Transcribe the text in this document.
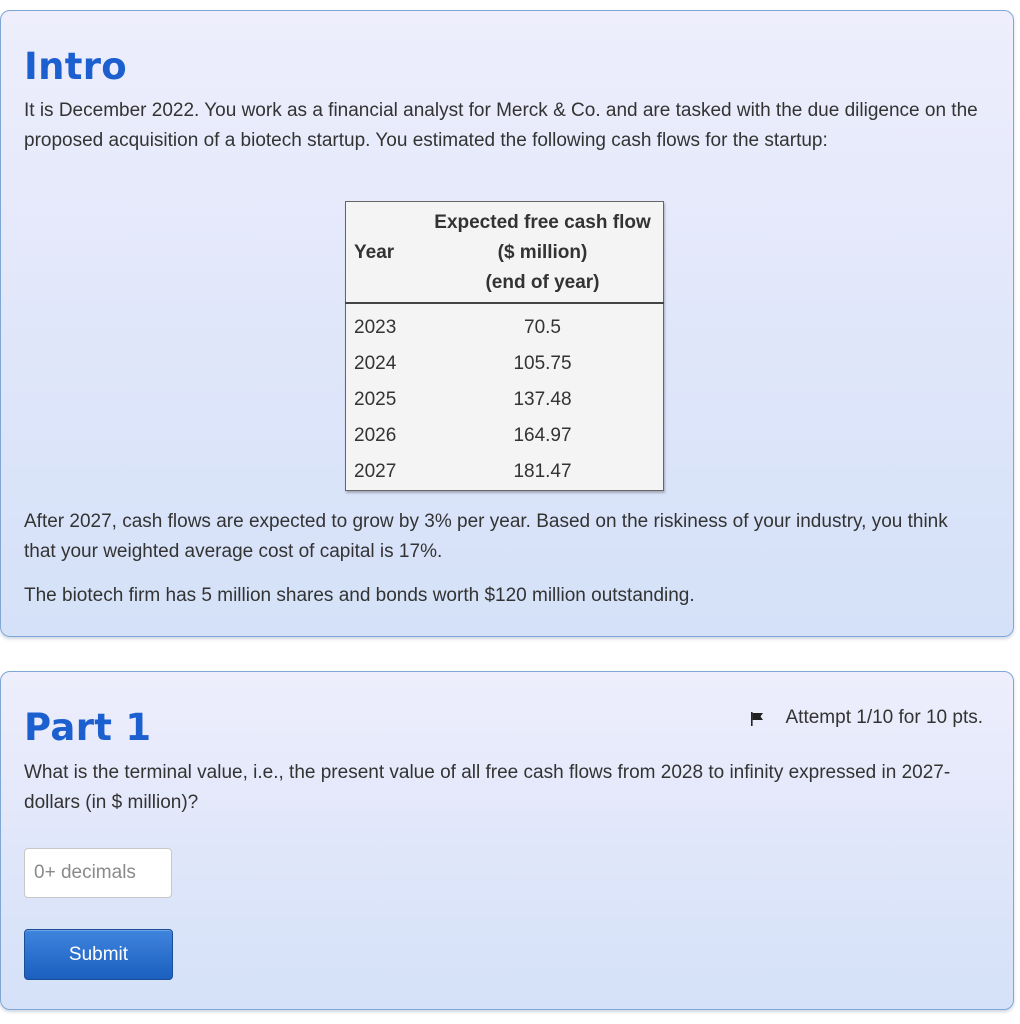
Intro

It is December 2022. You work as a financial analyst for Merck & Co. and are tasked with the due diligence on the proposed acquisition of a biotech startup. You estimated the following cash flows for the startup:

Year	Expected free cash flow
($ million)
(end of year)
2023	70.5
2024	105.75
2025	137.48
2026	164.97
2027	181.47

After 2027, cash flows are expected to grow by 3% per year. Based on the riskiness of your industry, you think that your weighted average cost of capital is 17%.

The biotech firm has 5 million shares and bonds worth $120 million outstanding.

Part 1	Attempt 1/10 for 10 pts.

What is the terminal value, i.e., the present value of all free cash flows from 2028 to infinity expressed in 2027-dollars (in $ million)?

0+ decimals
Submit
